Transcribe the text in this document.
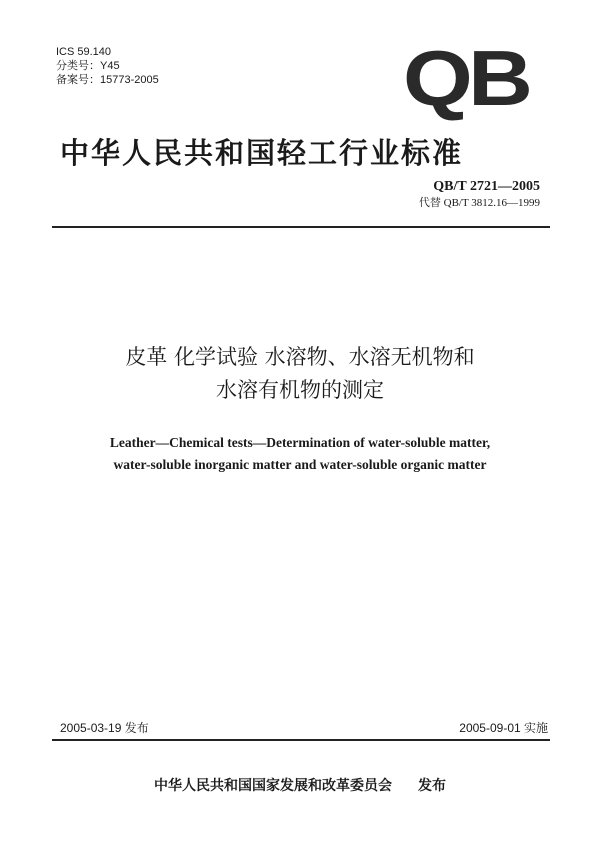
ICS 59.140
分类号：Y45
备案号：15773-2005	QB
中华人民共和国轻工行业标准
QB/T 2721—2005
代替 QB/T 3812.16—1999
皮革 化学试验 水溶物、水溶无机物和
水溶有机物的测定
Leather—Chemical tests—Determination of water-soluble matter,
water-soluble inorganic matter and water-soluble organic matter
2005-03-19 发布	2005-09-01 实施
中华人民共和国国家发展和改革委员会 发布
